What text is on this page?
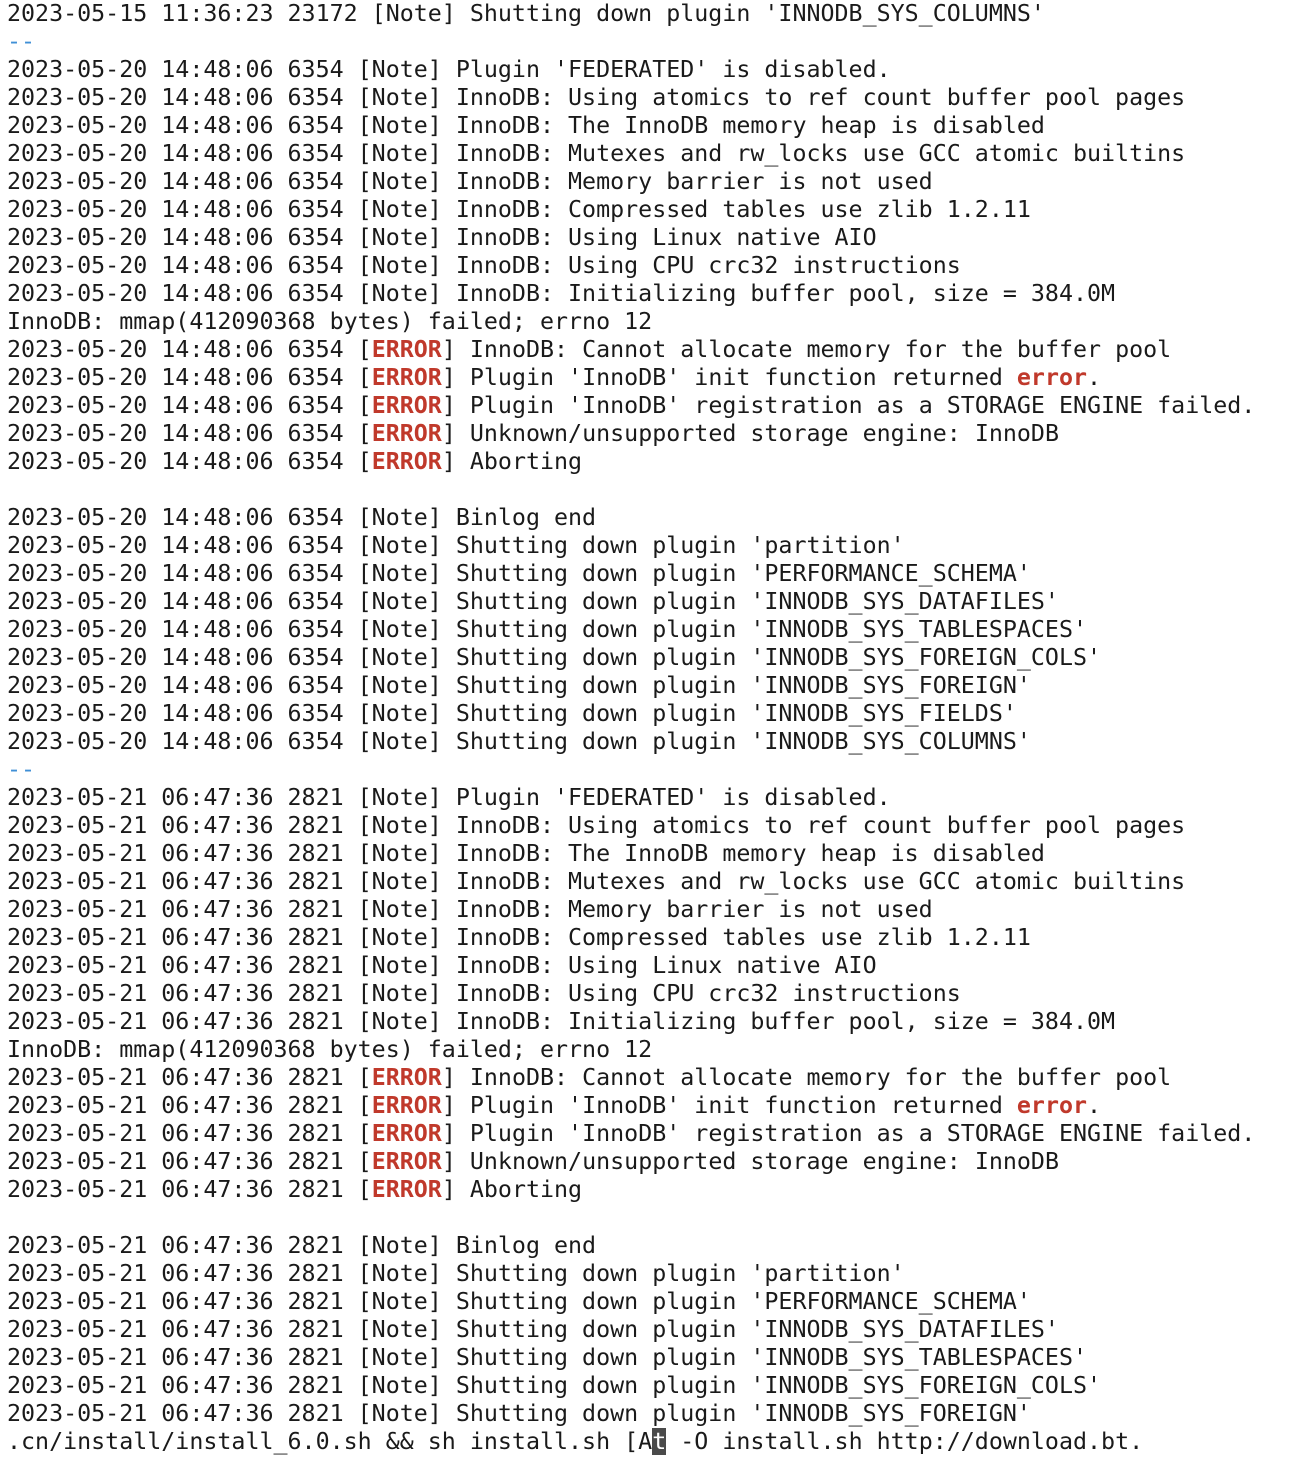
2023-05-15 11:36:23 23172 [Note] Shutting down plugin 'INNODB_SYS_COLUMNS'
--
2023-05-20 14:48:06 6354 [Note] Plugin 'FEDERATED' is disabled.
2023-05-20 14:48:06 6354 [Note] InnoDB: Using atomics to ref count buffer pool pages
2023-05-20 14:48:06 6354 [Note] InnoDB: The InnoDB memory heap is disabled
2023-05-20 14:48:06 6354 [Note] InnoDB: Mutexes and rw_locks use GCC atomic builtins
2023-05-20 14:48:06 6354 [Note] InnoDB: Memory barrier is not used
2023-05-20 14:48:06 6354 [Note] InnoDB: Compressed tables use zlib 1.2.11
2023-05-20 14:48:06 6354 [Note] InnoDB: Using Linux native AIO
2023-05-20 14:48:06 6354 [Note] InnoDB: Using CPU crc32 instructions
2023-05-20 14:48:06 6354 [Note] InnoDB: Initializing buffer pool, size = 384.0M
InnoDB: mmap(412090368 bytes) failed; errno 12
2023-05-20 14:48:06 6354 [ERROR] InnoDB: Cannot allocate memory for the buffer pool
2023-05-20 14:48:06 6354 [ERROR] Plugin 'InnoDB' init function returned error.
2023-05-20 14:48:06 6354 [ERROR] Plugin 'InnoDB' registration as a STORAGE ENGINE failed.
2023-05-20 14:48:06 6354 [ERROR] Unknown/unsupported storage engine: InnoDB
2023-05-20 14:48:06 6354 [ERROR] Aborting
2023-05-20 14:48:06 6354 [Note] Binlog end
2023-05-20 14:48:06 6354 [Note] Shutting down plugin 'partition'
2023-05-20 14:48:06 6354 [Note] Shutting down plugin 'PERFORMANCE_SCHEMA'
2023-05-20 14:48:06 6354 [Note] Shutting down plugin 'INNODB_SYS_DATAFILES'
2023-05-20 14:48:06 6354 [Note] Shutting down plugin 'INNODB_SYS_TABLESPACES'
2023-05-20 14:48:06 6354 [Note] Shutting down plugin 'INNODB_SYS_FOREIGN_COLS'
2023-05-20 14:48:06 6354 [Note] Shutting down plugin 'INNODB_SYS_FOREIGN'
2023-05-20 14:48:06 6354 [Note] Shutting down plugin 'INNODB_SYS_FIELDS'
2023-05-20 14:48:06 6354 [Note] Shutting down plugin 'INNODB_SYS_COLUMNS'
--
2023-05-21 06:47:36 2821 [Note] Plugin 'FEDERATED' is disabled.
2023-05-21 06:47:36 2821 [Note] InnoDB: Using atomics to ref count buffer pool pages
2023-05-21 06:47:36 2821 [Note] InnoDB: The InnoDB memory heap is disabled
2023-05-21 06:47:36 2821 [Note] InnoDB: Mutexes and rw_locks use GCC atomic builtins
2023-05-21 06:47:36 2821 [Note] InnoDB: Memory barrier is not used
2023-05-21 06:47:36 2821 [Note] InnoDB: Compressed tables use zlib 1.2.11
2023-05-21 06:47:36 2821 [Note] InnoDB: Using Linux native AIO
2023-05-21 06:47:36 2821 [Note] InnoDB: Using CPU crc32 instructions
2023-05-21 06:47:36 2821 [Note] InnoDB: Initializing buffer pool, size = 384.0M
InnoDB: mmap(412090368 bytes) failed; errno 12
2023-05-21 06:47:36 2821 [ERROR] InnoDB: Cannot allocate memory for the buffer pool
2023-05-21 06:47:36 2821 [ERROR] Plugin 'InnoDB' init function returned error.
2023-05-21 06:47:36 2821 [ERROR] Plugin 'InnoDB' registration as a STORAGE ENGINE failed.
2023-05-21 06:47:36 2821 [ERROR] Unknown/unsupported storage engine: InnoDB
2023-05-21 06:47:36 2821 [ERROR] Aborting
2023-05-21 06:47:36 2821 [Note] Binlog end
2023-05-21 06:47:36 2821 [Note] Shutting down plugin 'partition'
2023-05-21 06:47:36 2821 [Note] Shutting down plugin 'PERFORMANCE_SCHEMA'
2023-05-21 06:47:36 2821 [Note] Shutting down plugin 'INNODB_SYS_DATAFILES'
2023-05-21 06:47:36 2821 [Note] Shutting down plugin 'INNODB_SYS_TABLESPACES'
2023-05-21 06:47:36 2821 [Note] Shutting down plugin 'INNODB_SYS_FOREIGN_COLS'
2023-05-21 06:47:36 2821 [Note] Shutting down plugin 'INNODB_SYS_FOREIGN'
.cn/install/install_6.0.sh && sh install.sh [At -O install.sh http://download.bt.
